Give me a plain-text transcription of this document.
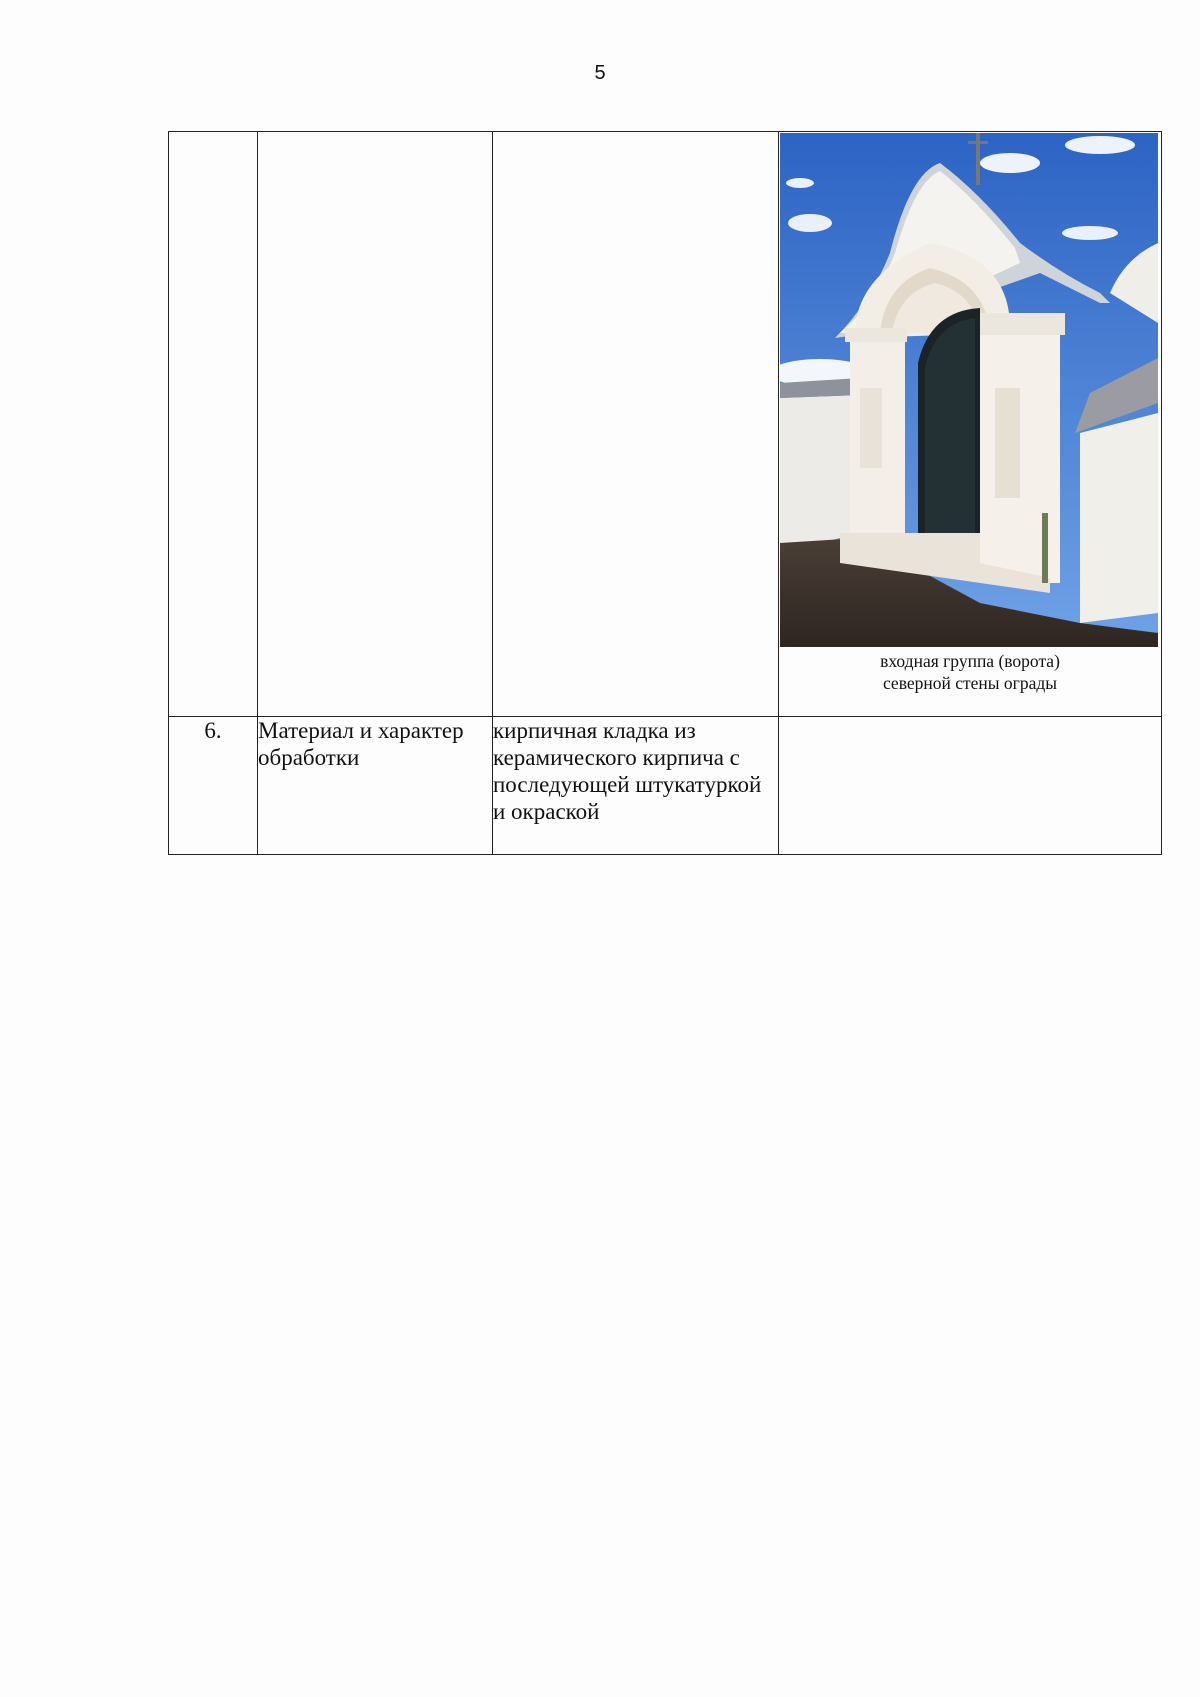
5

			входная группа (ворота)
северной стены ограды

6.	Материал и характер обработки	кирпичная кладка из керамического кирпича с последующей штукатуркой и окраской	
